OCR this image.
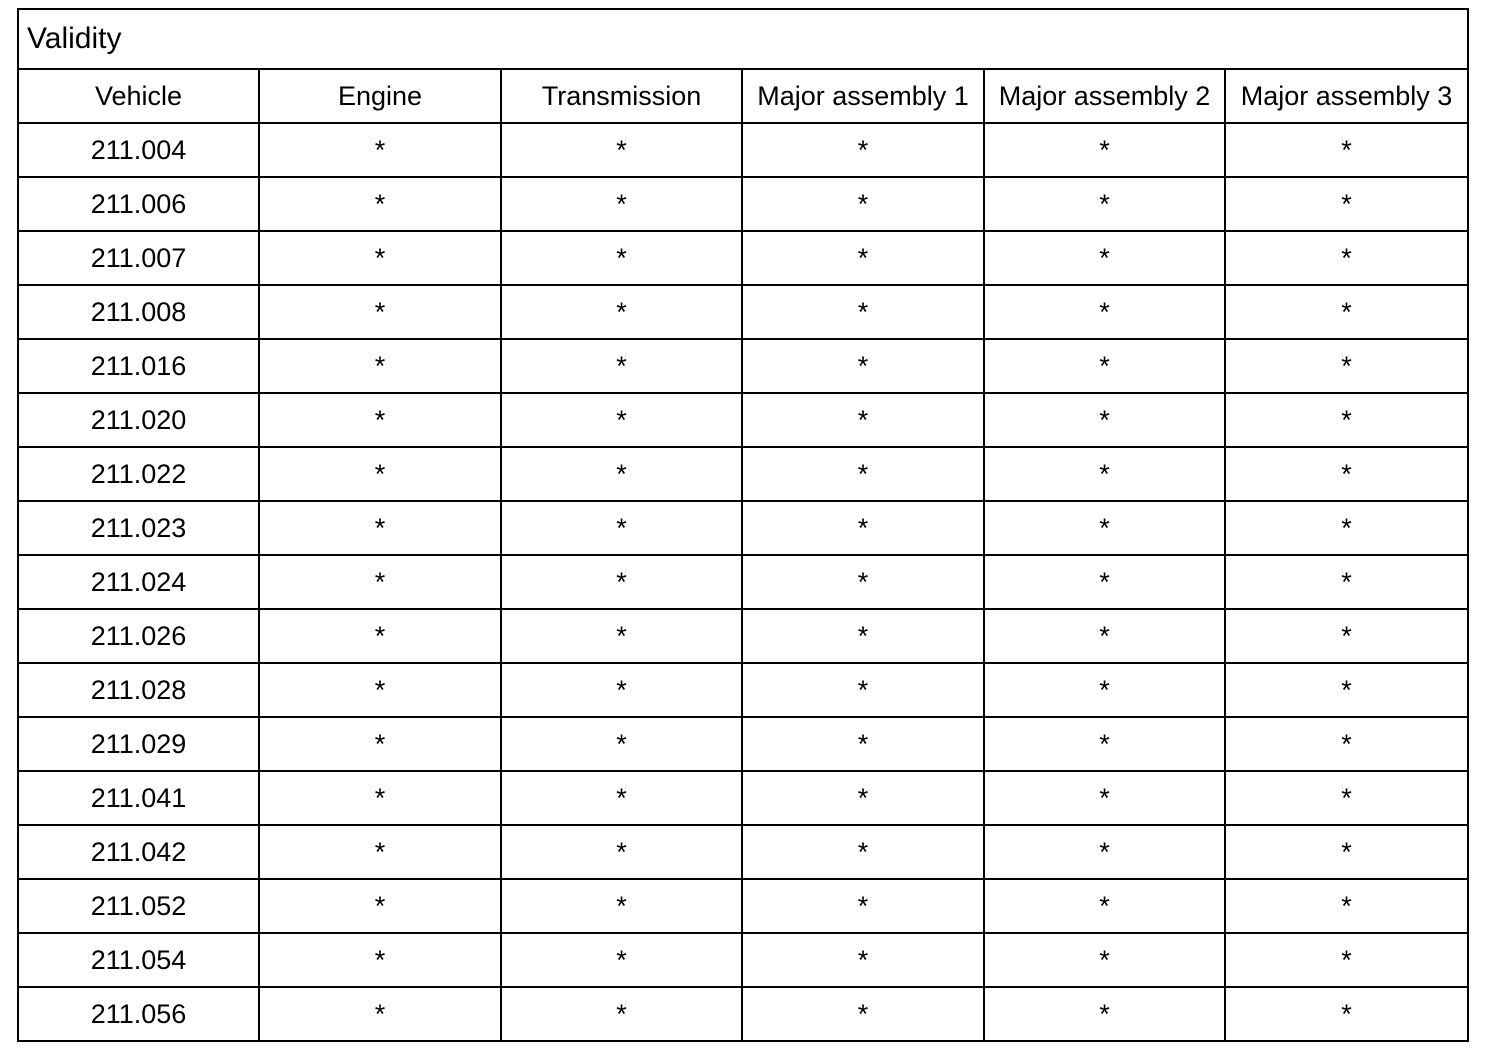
Validity					
Vehicle	Engine	Transmission	Major assembly 1	Major assembly 2	Major assembly 3
211.004	*	*	*	*	*
211.006	*	*	*	*	*
211.007	*	*	*	*	*
211.008	*	*	*	*	*
211.016	*	*	*	*	*
211.020	*	*	*	*	*
211.022	*	*	*	*	*
211.023	*	*	*	*	*
211.024	*	*	*	*	*
211.026	*	*	*	*	*
211.028	*	*	*	*	*
211.029	*	*	*	*	*
211.041	*	*	*	*	*
211.042	*	*	*	*	*
211.052	*	*	*	*	*
211.054	*	*	*	*	*
211.056	*	*	*	*	*
